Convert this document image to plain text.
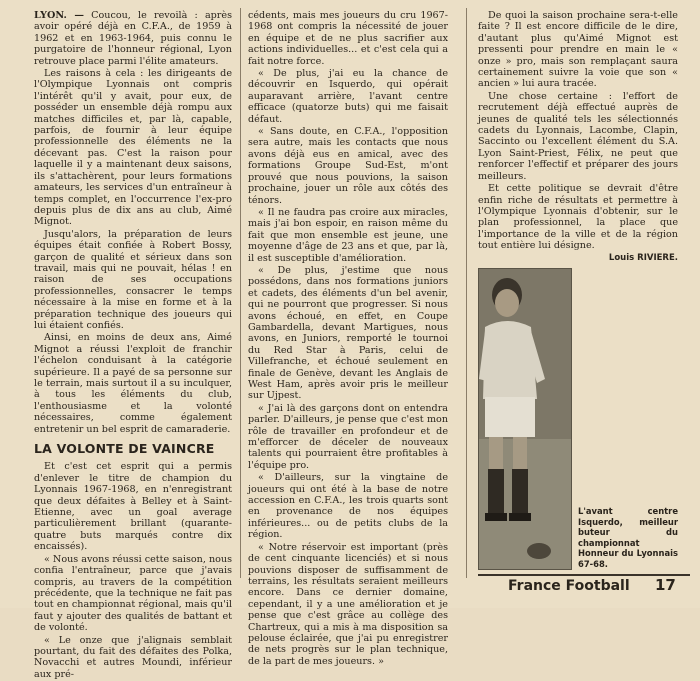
LYON. — Coucou, le revoilà : après avoir opéré déjà en C.F.A., de 1959 à 1962 et en 1963-1964, puis connu le purgatoire de l'honneur régional, Lyon retrouve place parmi l'élite amateurs.

Les raisons à cela : les dirigeants de l'Olympique Lyonnais ont compris l'intérêt qu'il y avait, pour eux, de posséder un ensemble déjà rompu aux matches difficiles et, par là, capable, parfois, de fournir à leur équipe professionnelle des éléments ne la décevant pas. C'est la raison pour laquelle il y a maintenant deux saisons, ils s'attachèrent, pour leurs formations amateurs, les services d'un entraîneur à temps complet, en l'occurrence l'ex-pro depuis plus de dix ans au club, Aimé Mignot.

Jusqu'alors, la préparation de leurs équipes était confiée à Robert Bossy, garçon de qualité et sérieux dans son travail, mais qui ne pouvait, hélas ! en raison de ses occupations professionnelles, consacrer le temps nécessaire à la mise en forme et à la préparation technique des joueurs qui lui étaient confiés.

Ainsi, en moins de deux ans, Aimé Mignot a réussi l'exploit de franchir l'échelon conduisant à la catégorie supérieure. Il a payé de sa personne sur le terrain, mais surtout il a su inculquer, à tous les éléments du club, l'enthousiasme et la volonté nécessaires, comme également entretenir un bel esprit de camaraderie.

LA VOLONTE DE VAINCRE

Et c'est cet esprit qui a permis d'enlever le titre de champion du Lyonnais 1967-1968, en n'enregistrant que deux défaites à Belley et à Saint-Etienne, avec un goal average particulièrement brillant (quarante-quatre buts marqués contre dix encaissés).

« Nous avons réussi cette saison, nous confia l'entraîneur, parce que j'avais compris, au travers de la compétition précédente, que la technique ne fait pas tout en championnat régional, mais qu'il faut y ajouter des qualités de battant et de volonté.

« Le onze que j'alignais semblait pourtant, du fait des défaites des Polka, Novacchi et autres Moundi, inférieur aux pré-

cédents, mais mes joueurs du cru 1967-1968 ont compris la nécessité de jouer en équipe et de ne plus sacrifier aux actions individuelles... et c'est cela qui a fait notre force.

« De plus, j'ai eu la chance de découvrir en Isquerdo, qui opérait auparavant arrière, l'avant centre efficace (quatorze buts) qui me faisait défaut.

« Sans doute, en C.F.A., l'opposition sera autre, mais les contacts que nous avons déjà eus en amical, avec des formations Groupe Sud-Est, m'ont prouvé que nous pouvions, la saison prochaine, jouer un rôle aux côtés des ténors.

« Il ne faudra pas croire aux miracles, mais j'ai bon espoir, en raison même du fait que mon ensemble est jeune, une moyenne d'âge de 23 ans et que, par là, il est susceptible d'amélioration.

« De plus, j'estime que nous possédons, dans nos formations juniors et cadets, des éléments d'un bel avenir, qui ne pourront que progresser. Si nous avons échoué, en effet, en Coupe Gambardella, devant Martigues, nous avons, en Juniors, remporté le tournoi du Red Star à Paris, celui de Villefranche, et échoué seulement en finale de Genève, devant les Anglais de West Ham, après avoir pris le meilleur sur Ujpest.

« J'ai là des garçons dont on entendra parler. D'ailleurs, je pense que c'est mon rôle de travailler en profondeur et de m'efforcer de déceler de nouveaux talents qui pourraient être profitables à l'équipe pro.

« D'ailleurs, sur la vingtaine de joueurs qui ont été à la base de notre accession en C.F.A., les trois quarts sont en provenance de nos équipes inférieures... ou de petits clubs de la région.

« Notre réservoir est important (près de cent cinquante licenciés) et si nous pouvions disposer de suffisamment de terrains, les résultats seraient meilleurs encore. Dans ce dernier domaine, cependant, il y a une amélioration et je pense que c'est grâce au collège des Chartreux, qui a mis à ma disposition sa pelouse éclairée, que j'ai pu enregistrer de nets progrès sur le plan technique, de la part de mes joueurs. »

De quoi la saison prochaine sera-t-elle faite ? Il est encore difficile de le dire, d'autant plus qu'Aimé Mignot est pressenti pour prendre en main le « onze » pro, mais son remplaçant saura certainement suivre la voie que son « ancien » lui aura tracée.

Une chose certaine : l'effort de recrutement déjà effectué auprès de jeunes de qualité tels les sélectionnés cadets du Lyonnais, Lacombe, Clapin, Saccinto ou l'excellent élément du S.A. Lyon Saint-Priest, Félix, ne peut que renforcer l'effectif et préparer des jours meilleurs.

Et cette politique se devrait d'être enfin riche de résultats et permettre à l'Olympique Lyonnais d'obtenir, sur le plan professionnel, la place que l'importance de la ville et de la région tout entière lui désigne.

Louis RIVIERE.

L'avant centre Isquerdo, meilleur buteur du championnat Honneur du Lyonnais 67-68.
France Football 17
